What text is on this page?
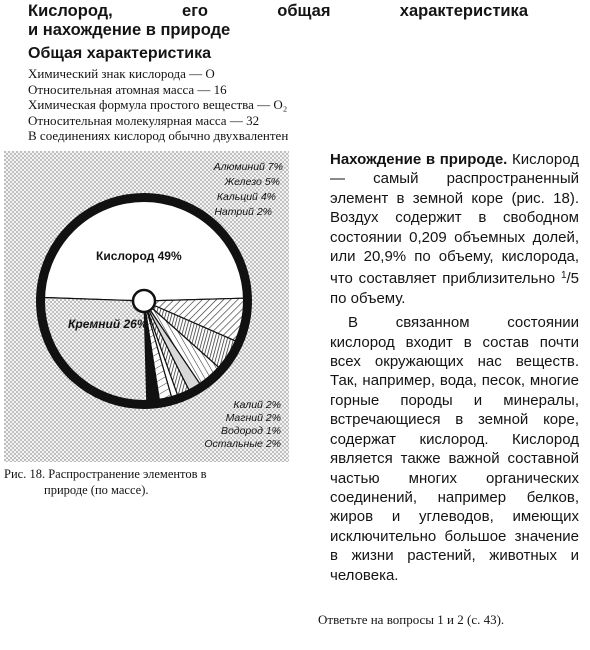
Кислород, его общая характеристика
и нахождение в природе
Общая характеристика
Химический знак кислорода — О
Относительная атомная масса — 16
Химическая формула простого вещества — O₂
Относительная молекулярная масса — 32
В соединениях кислород обычно двухвалентен
Алюминий 7%
Железо 5%
Кальций 4%
Натрий 2%
Кислород 49%
Кремний 26%
Калий 2%
Магний 2%
Водород 1%
Остальные 2%

Рис. 18. Распространение элементов в
природе (по массе).

Нахождение в природе. Кислород — самый распространенный элемент в земной коре (рис. 18). Воздух содержит в свободном состоянии 0,209 объемных долей, или 20,9% по объему, кислорода, что составляет приблизительно $^1$/5 по объему.

В связанном состоянии кислород входит в состав почти всех окружающих нас веществ. Так, например, вода, песок, многие горные породы и минералы, встречающиеся в земной коре, содержат кислород. Кислород является также важной составной частью многих органических соединений, например белков, жиров и углеводов, имеющих исключительно большое значение в жизни растений, животных и человека.

Ответьте на вопросы 1 и 2 (с. 43).
